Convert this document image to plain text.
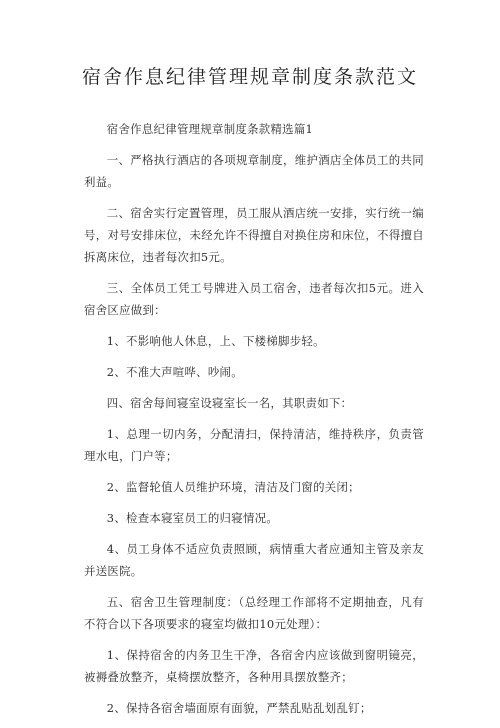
宿舍作息纪律管理规章制度条款范文

宿舍作息纪律管理规章制度条款精选篇1

一、严格执行酒店的各项规章制度，维护酒店全体员工的共同利益。

二、宿舍实行定置管理，员工服从酒店统一安排，实行统一编号，对号安排床位，未经允许不得擅自对换住房和床位，不得擅自拆离床位，违者每次扣5元。

三、全体员工凭工号牌进入员工宿舍，违者每次扣5元。进入宿舍区应做到：

1、不影响他人休息，上、下楼梯脚步轻。

2、不准大声喧哗、吵闹。

四、宿舍每间寝室设寝室长一名，其职责如下：

1、总理一切内务，分配清扫，保持清洁，维持秩序，负责管理水电，门户等；

2、监督轮值人员维护环境，清洁及门窗的关闭；

3、检查本寝室员工的归寝情况。

4、员工身体不适应负责照顾，病情重大者应通知主管及亲友并送医院。

五、宿舍卫生管理制度：（总经理工作部将不定期抽查，凡有不符合以下各项要求的寝室均做扣10元处理）：

1、保持宿舍的内务卫生干净，各宿舍内应该做到窗明镜亮，被褥叠放整齐，桌椅摆放整齐，各种用具摆放整齐；

2、保持各宿舍墙面原有面貌，严禁乱贴乱划乱钉；
